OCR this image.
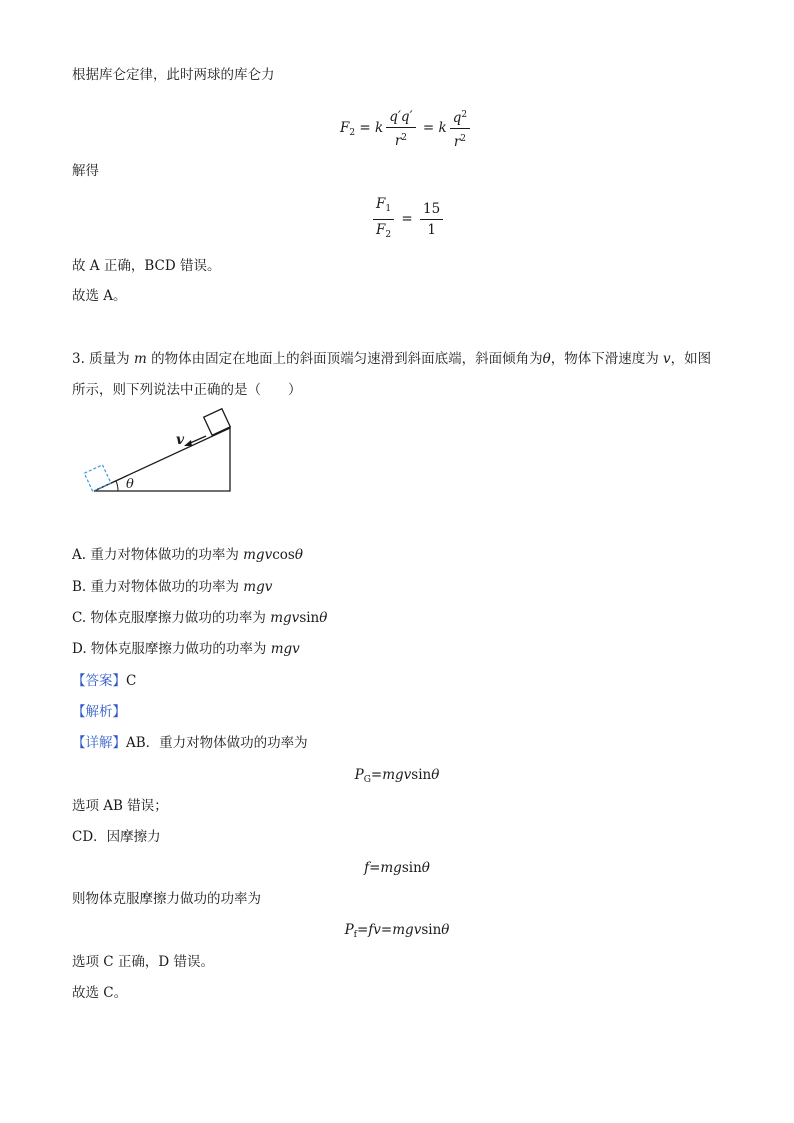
根据库仑定律，此时两球的库仑力
$F_2 = k \frac{q'q'}{r^2} = k \frac{q^2}{r^2}$
解得
$\frac{F_1}{F_2} = \frac{15}{1}$
故 A 正确，BCD 错误。
故选 A。
3. 质量为 m 的物体由固定在地面上的斜面顶端匀速滑到斜面底端，斜面倾角为θ，物体下滑速度为 v，如图
所示，则下列说法中正确的是（　　）
v
θ
A. 重力对物体做功的功率为 mgvcosθ
B. 重力对物体做功的功率为 mgv
C. 物体克服摩擦力做功的功率为 mgvsinθ
D. 物体克服摩擦力做功的功率为 mgv
【答案】C
【解析】
【详解】AB．重力对物体做功的功率为
$P_G=mgvsin\theta$
选项 AB 错误；
CD．因摩擦力
f=mgsinθ
则物体克服摩擦力做功的功率为
$P_f=fv=mgvsin\theta$
选项 C 正确，D 错误。
故选 C。
